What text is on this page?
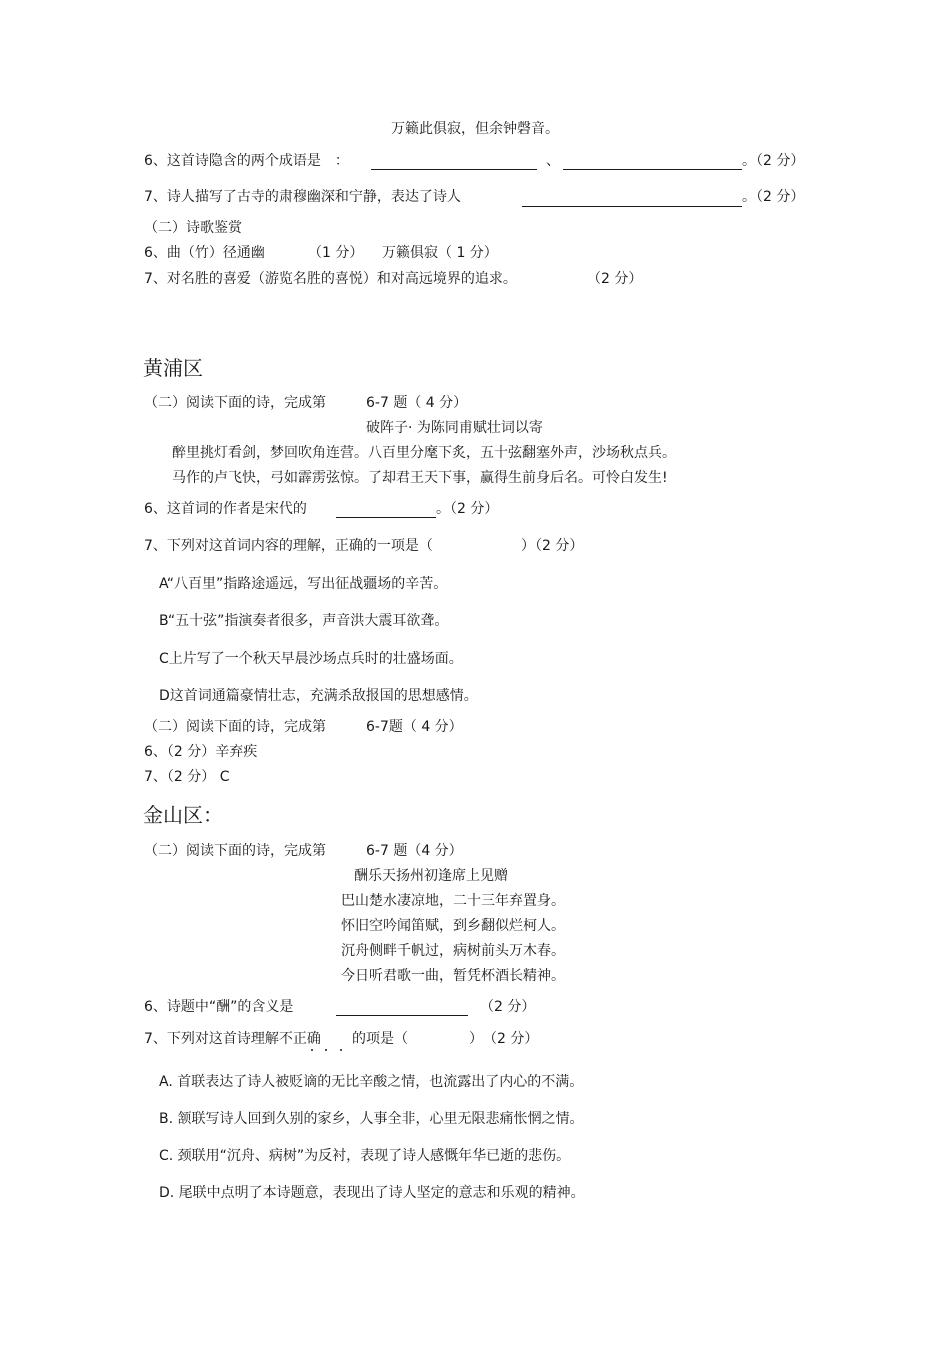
万籁此俱寂，但余钟磬音。
6、这首诗隐含的两个成语是　：	、	。（2 分）
7、诗人描写了古寺的肃穆幽深和宁静，表达了诗人	。（2 分）
（二）诗歌鉴赏
6、曲（竹）径通幽	（1 分） 万籁俱寂（ 1 分）
7、对名胜的喜爱（游览名胜的喜悦）和对高远境界的追求。	（2 分）
黄浦区
（二）阅读下面的诗，完成第	6-7 题（ 4 分）
破阵子· 为陈同甫赋壮词以寄
醉里挑灯看剑，梦回吹角连营。八百里分麾下炙，五十弦翻塞外声，沙场秋点兵。
马作的卢飞快，弓如霹雳弦惊。了却君王天下事，赢得生前身后名。可怜白发生!
6、这首词的作者是宋代的	。（2 分）
7、下列对这首词内容的理解，正确的一项是（	）（2 分）
A“八百里”指路途遥远，写出征战疆场的辛苦。
B“五十弦”指演奏者很多，声音洪大震耳欲聋。
C上片写了一个秋天早晨沙场点兵时的壮盛场面。
D这首词通篇豪情壮志，充满杀敌报国的思想感情。
（二）阅读下面的诗，完成第	6-7题（ 4 分）
6、（2 分）辛弃疾
7、（2 分） C
金山区：
（二）阅读下面的诗，完成第	6-7 题（4 分）
酬乐天扬州初逢席上见赠
巴山楚水凄凉地，二十三年弃置身。
怀旧空吟闻笛赋，到乡翻似烂柯人。
沉舟侧畔千帆过，病树前头万木春。
今日听君歌一曲，暂凭杯酒长精神。
6、诗题中“酬”的含义是	（2 分）
7、下列对这首诗理解不正确 的项是（	）　（2 分）
A. 首联表达了诗人被贬谪的无比辛酸之情，也流露出了内心的不满。
B. 颔联写诗人回到久别的家乡，人事全非，心里无限悲痛怅惘之情。
C. 颈联用“沉舟、病树”为反衬，表现了诗人感慨年华已逝的悲伤。
D. 尾联中点明了本诗题意，表现出了诗人坚定的意志和乐观的精神。
